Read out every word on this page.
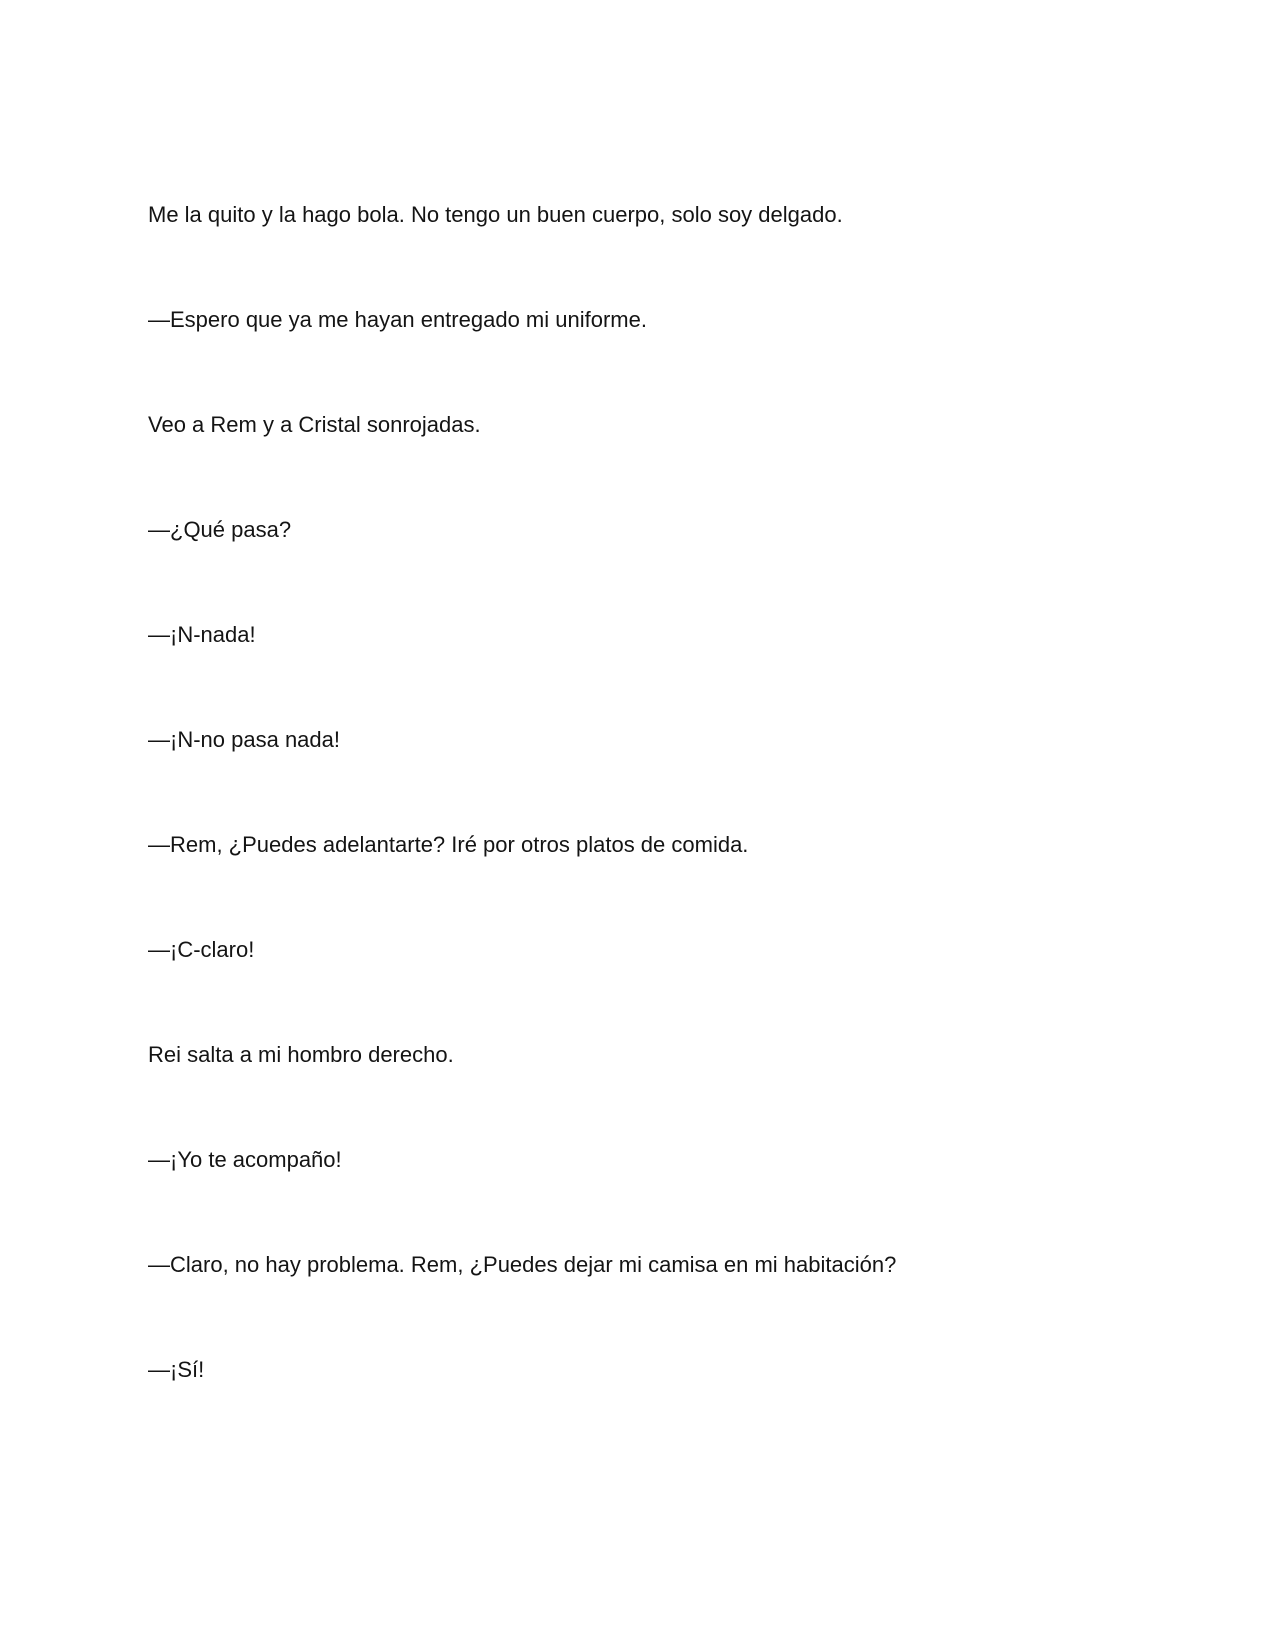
Me la quito y la hago bola. No tengo un buen cuerpo, solo soy delgado.

—Espero que ya me hayan entregado mi uniforme.

Veo a Rem y a Cristal sonrojadas.

—¿Qué pasa?

—¡N-nada!

—¡N-no pasa nada!

—Rem, ¿Puedes adelantarte? Iré por otros platos de comida.

—¡C-claro!

Rei salta a mi hombro derecho.

—¡Yo te acompaño!

—Claro, no hay problema. Rem, ¿Puedes dejar mi camisa en mi habitación?

—¡Sí!
